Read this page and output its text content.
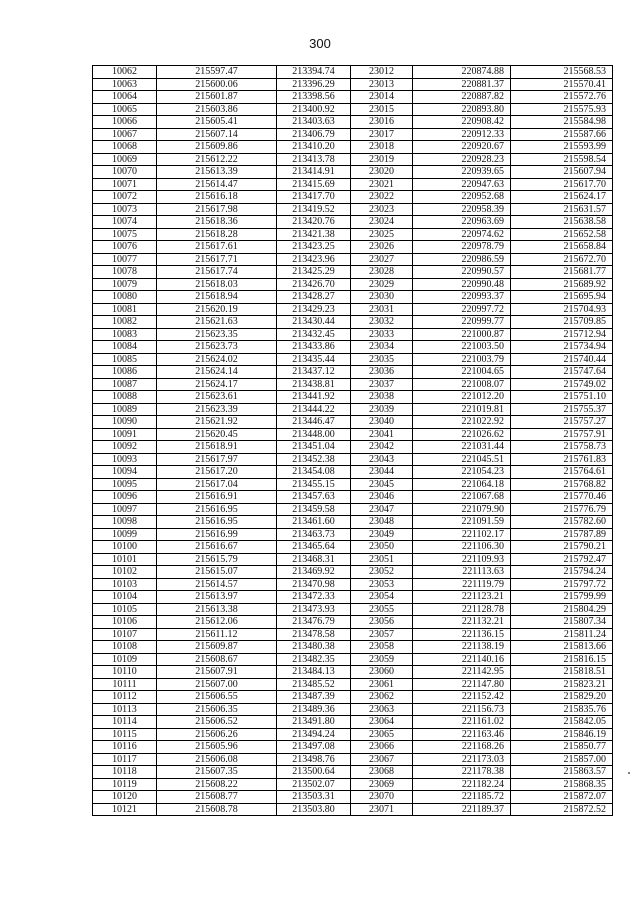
300
10062	215597.47	213394.74	23012	220874.88	215568.53
10063	215600.06	213396.29	23013	220881.37	215570.41
10064	215601.87	213398.56	23014	220887.82	215572.76
10065	215603.86	213400.92	23015	220893.80	215575.93
10066	215605.41	213403.63	23016	220908.42	215584.98
10067	215607.14	213406.79	23017	220912.33	215587.66
10068	215609.86	213410.20	23018	220920.67	215593.99
10069	215612.22	213413.78	23019	220928.23	215598.54
10070	215613.39	213414.91	23020	220939.65	215607.94
10071	215614.47	213415.69	23021	220947.63	215617.70
10072	215616.18	213417.70	23022	220952.68	215624.17
10073	215617.98	213419.52	23023	220958.39	215631.57
10074	215618.36	213420.76	23024	220963.69	215638.58
10075	215618.28	213421.38	23025	220974.62	215652.58
10076	215617.61	213423.25	23026	220978.79	215658.84
10077	215617.71	213423.96	23027	220986.59	215672.70
10078	215617.74	213425.29	23028	220990.57	215681.77
10079	215618.03	213426.70	23029	220990.48	215689.92
10080	215618.94	213428.27	23030	220993.37	215695.94
10081	215620.19	213429.23	23031	220997.72	215704.93
10082	215621.63	213430.44	23032	220999.77	215709.85
10083	215623.35	213432.45	23033	221000.87	215712.94
10084	215623.73	213433.86	23034	221003.50	215734.94
10085	215624.02	213435.44	23035	221003.79	215740.44
10086	215624.14	213437.12	23036	221004.65	215747.64
10087	215624.17	213438.81	23037	221008.07	215749.02
10088	215623.61	213441.92	23038	221012.20	215751.10
10089	215623.39	213444.22	23039	221019.81	215755.37
10090	215621.92	213446.47	23040	221022.92	215757.27
10091	215620.45	213448.00	23041	221026.62	215757.91
10092	215618.91	213451.04	23042	221031.44	215758.73
10093	215617.97	213452.38	23043	221045.51	215761.83
10094	215617.20	213454.08	23044	221054.23	215764.61
10095	215617.04	213455.15	23045	221064.18	215768.82
10096	215616.91	213457.63	23046	221067.68	215770.46
10097	215616.95	213459.58	23047	221079.90	215776.79
10098	215616.95	213461.60	23048	221091.59	215782.60
10099	215616.99	213463.73	23049	221102.17	215787.89
10100	215616.67	213465.64	23050	221106.30	215790.21
10101	215615.79	213468.31	23051	221109.93	215792.47
10102	215615.07	213469.92	23052	221113.63	215794.24
10103	215614.57	213470.98	23053	221119.79	215797.72
10104	215613.97	213472.33	23054	221123.21	215799.99
10105	215613.38	213473.93	23055	221128.78	215804.29
10106	215612.06	213476.79	23056	221132.21	215807.34
10107	215611.12	213478.58	23057	221136.15	215811.24
10108	215609.87	213480.38	23058	221138.19	215813.66
10109	215608.67	213482.35	23059	221140.16	215816.15
10110	215607.91	213484.13	23060	221142.95	215818.51
10111	215607.00	213485.52	23061	221147.80	215823.21
10112	215606.55	213487.39	23062	221152.42	215829.20
10113	215606.35	213489.36	23063	221156.73	215835.76
10114	215606.52	213491.80	23064	221161.02	215842.05
10115	215606.26	213494.24	23065	221163.46	215846.19
10116	215605.96	213497.08	23066	221168.26	215850.77
10117	215606.08	213498.76	23067	221173.03	215857.00
10118	215607.35	213500.64	23068	221178.38	215863.57
10119	215608.22	213502.07	23069	221182.24	215868.35
10120	215608.77	213503.31	23070	221185.72	215872.07
10121	215608.78	213503.80	23071	221189.37	215872.52
